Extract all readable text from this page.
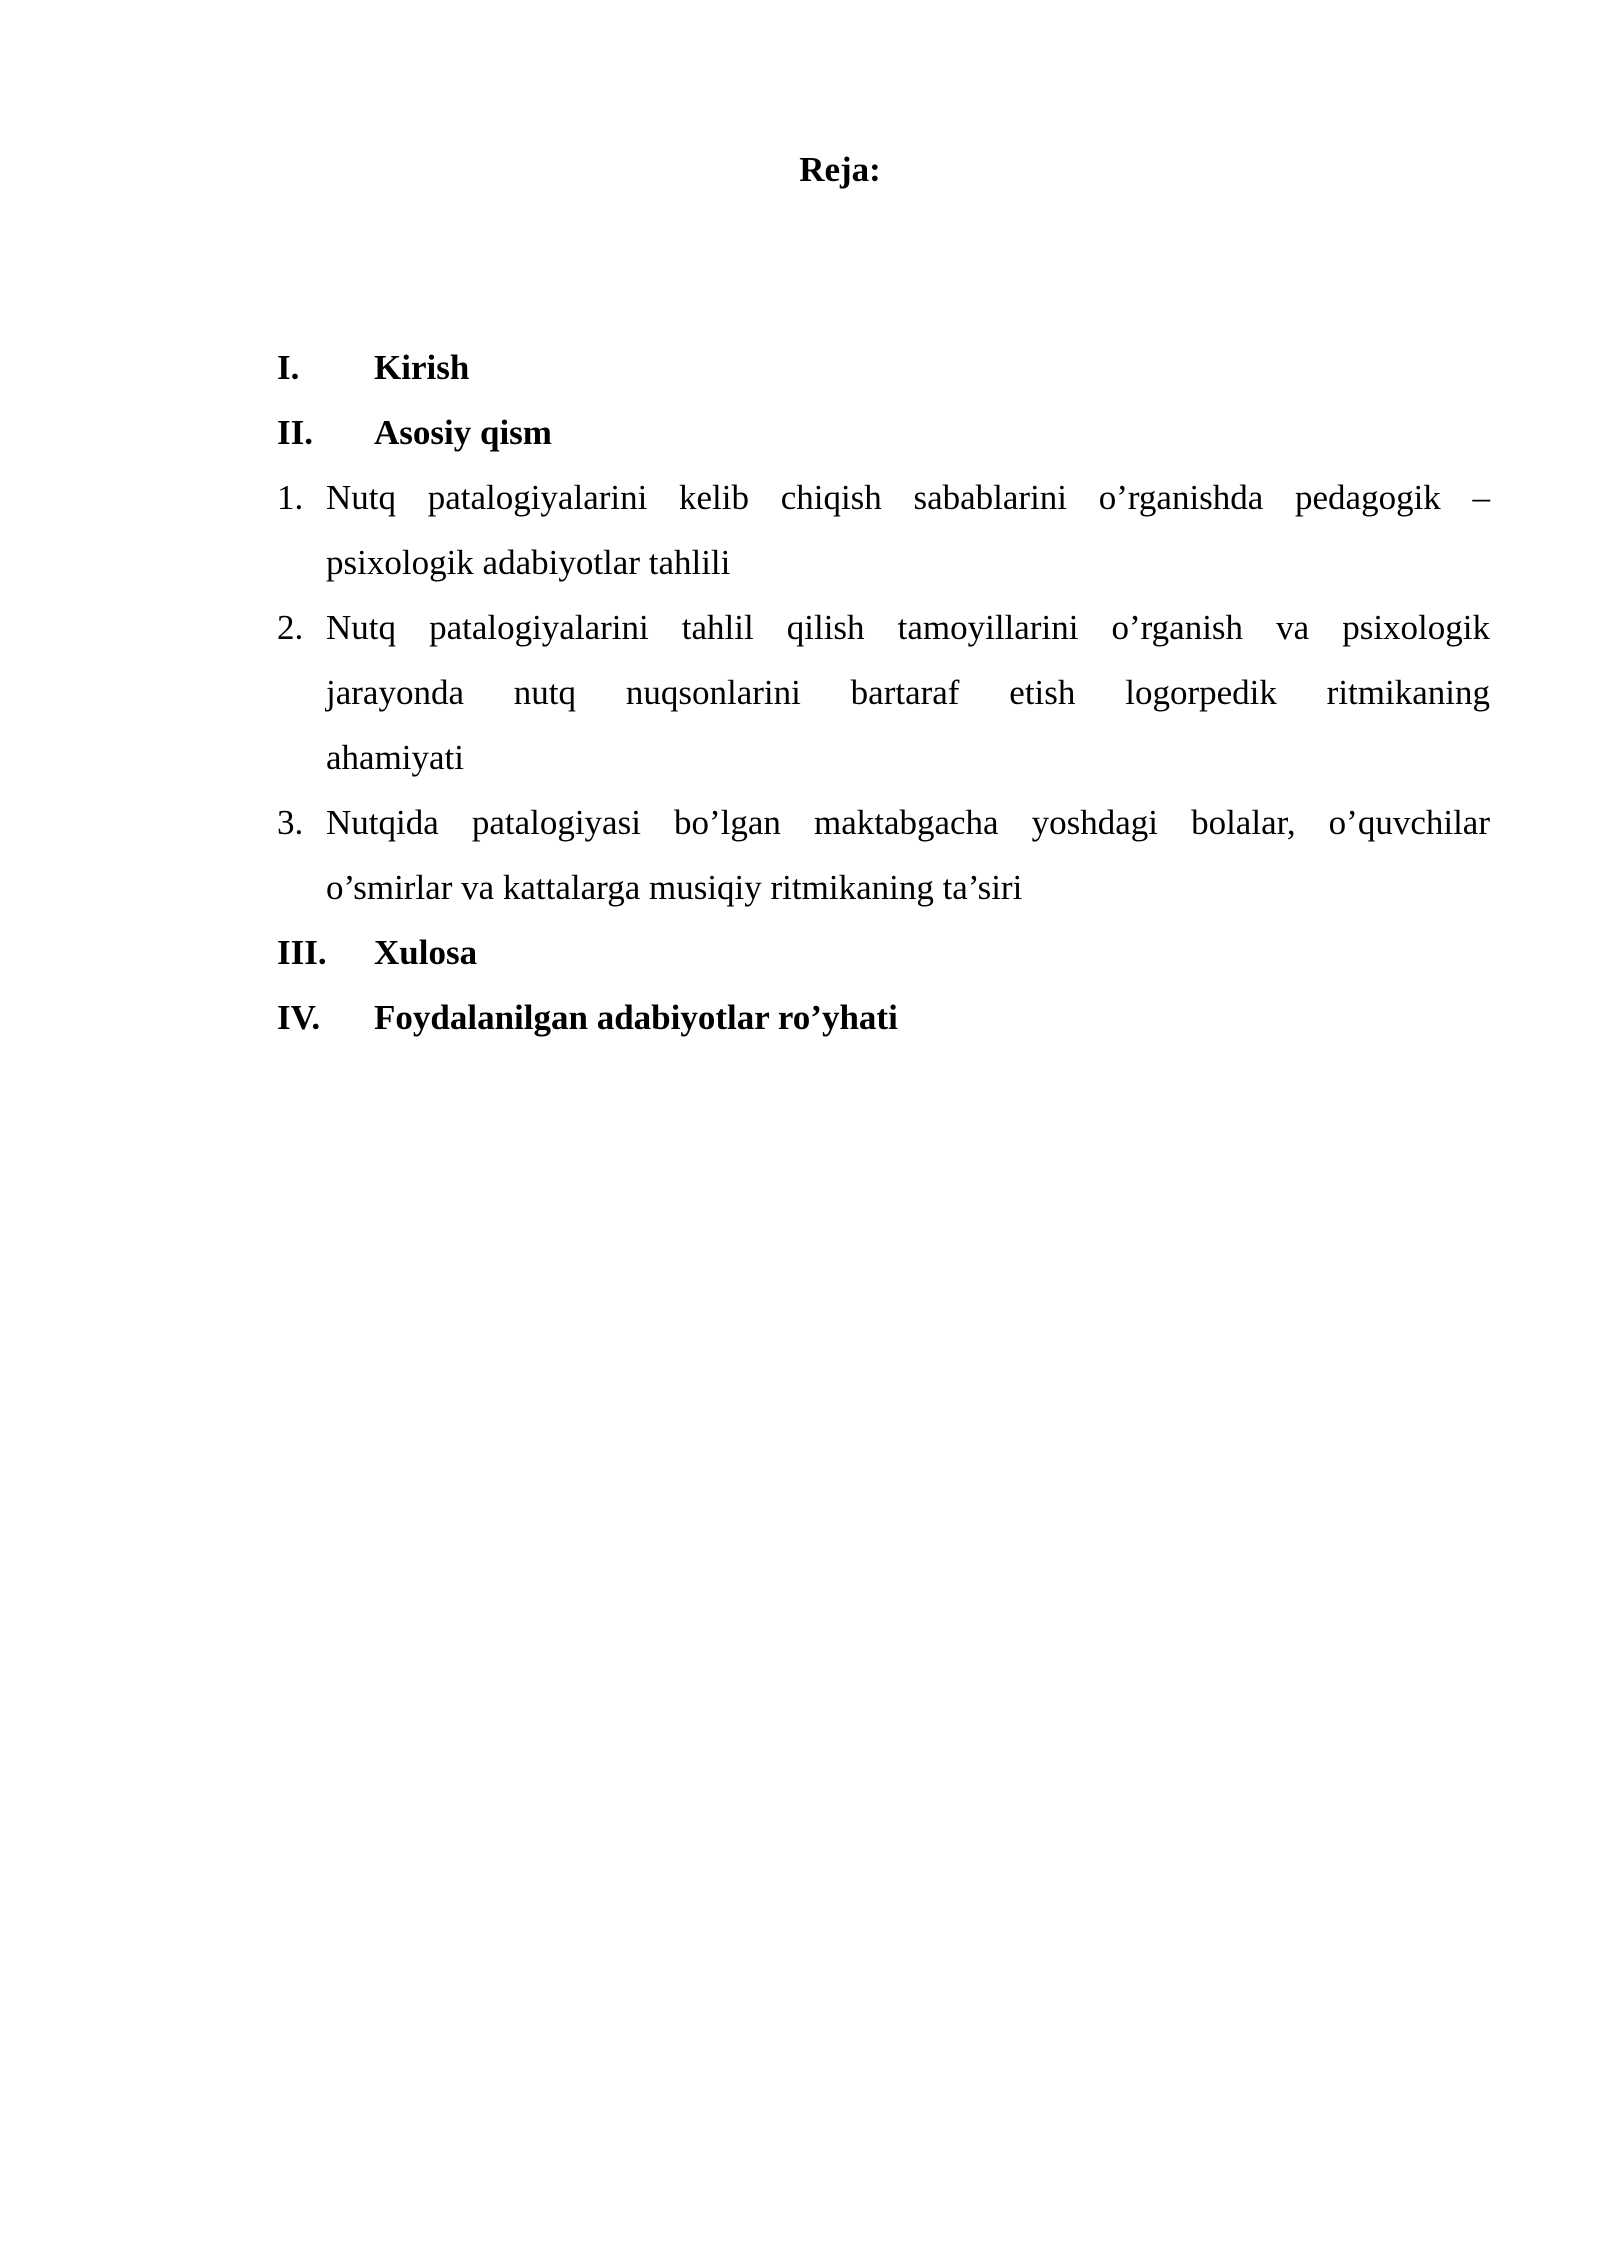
Reja:
I.	Kirish
II.	Asosiy qism
1. Nutq patalogiyalarini kelib chiqish sabablarini o’rganishda pedagogik –
psixologik adabiyotlar tahlili
2. Nutq patalogiyalarini tahlil qilish tamoyillarini o’rganish va psixologik
jarayonda nutq nuqsonlarini bartaraf etish logorpedik ritmikaning
ahamiyati
3. Nutqida patalogiyasi bo’lgan maktabgacha yoshdagi bolalar, o’quvchilar
o’smirlar va kattalarga musiqiy ritmikaning ta’siri
III.	Xulosa
IV.	Foydalanilgan adabiyotlar ro’yhati
